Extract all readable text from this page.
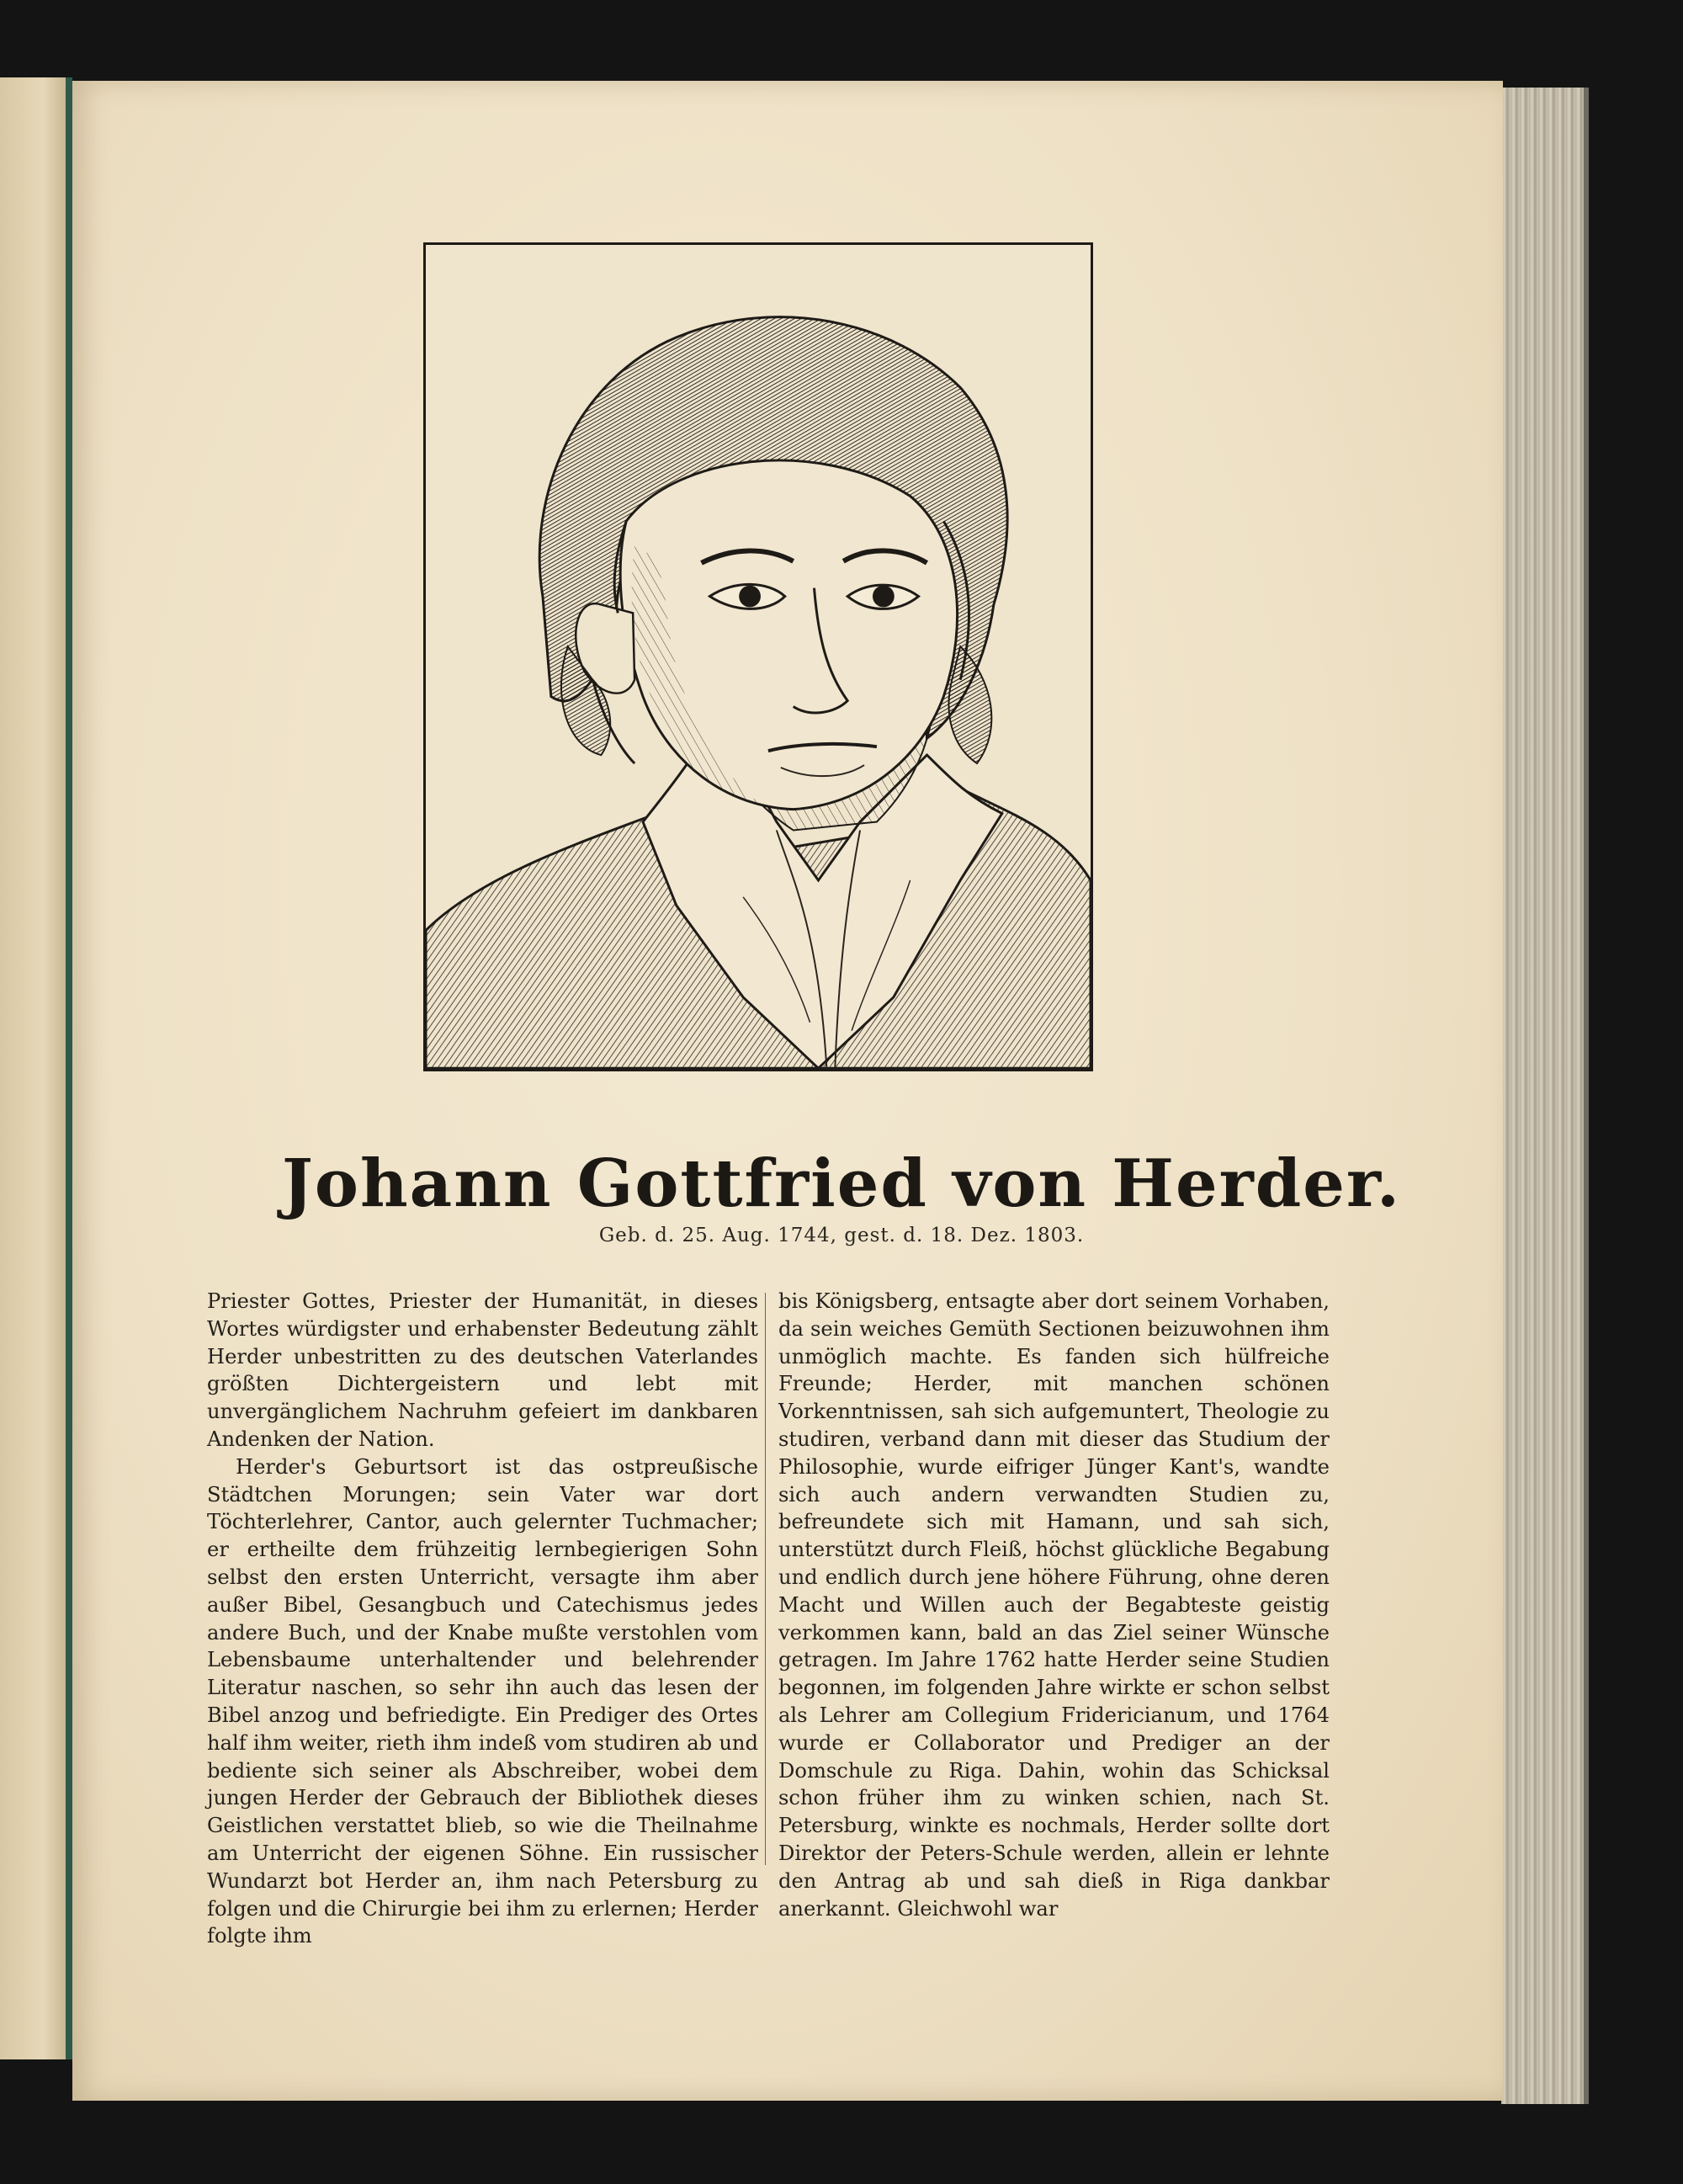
Johann Gottfried von Herder.
Geb. d. 25. Aug. 1744, gest. d. 18. Dez. 1803.

Priester Gottes, Priester der Humanität, in dieses Wortes würdigster und erhabenster Bedeutung zählt Herder unbestritten zu des deutschen Vaterlandes größten Dichtergeistern und lebt mit unvergänglichem Nachruhm gefeiert im dankbaren Andenken der Nation.

Herder's Geburtsort ist das ostpreußische Städtchen Morungen; sein Vater war dort Töchterlehrer, Cantor, auch gelernter Tuchmacher; er ertheilte dem frühzeitig lernbegierigen Sohn selbst den ersten Unterricht, versagte ihm aber außer Bibel, Gesangbuch und Catechismus jedes andere Buch, und der Knabe mußte verstohlen vom Lebensbaume unterhaltender und belehrender Literatur naschen, so sehr ihn auch das lesen der Bibel anzog und befriedigte. Ein Prediger des Ortes half ihm weiter, rieth ihm indeß vom studiren ab und bediente sich seiner als Abschreiber, wobei dem jungen Herder der Gebrauch der Bibliothek dieses Geistlichen verstattet blieb, so wie die Theilnahme am Unterricht der eigenen Söhne. Ein russischer Wundarzt bot Herder an, ihm nach Petersburg zu folgen und die Chirurgie bei ihm zu erlernen; Herder folgte ihm

bis Königsberg, entsagte aber dort seinem Vorhaben, da sein weiches Gemüth Sectionen beizuwohnen ihm unmöglich machte. Es fanden sich hülfreiche Freunde; Herder, mit manchen schönen Vorkenntnissen, sah sich aufgemuntert, Theologie zu studiren, verband dann mit dieser das Studium der Philosophie, wurde eifriger Jünger Kant's, wandte sich auch andern verwandten Studien zu, befreundete sich mit Hamann, und sah sich, unterstützt durch Fleiß, höchst glückliche Begabung und endlich durch jene höhere Führung, ohne deren Macht und Willen auch der Begabteste geistig verkommen kann, bald an das Ziel seiner Wünsche getragen. Im Jahre 1762 hatte Herder seine Studien begonnen, im folgenden Jahre wirkte er schon selbst als Lehrer am Collegium Fridericianum, und 1764 wurde er Collaborator und Prediger an der Domschule zu Riga. Dahin, wohin das Schicksal schon früher ihm zu winken schien, nach St. Petersburg, winkte es nochmals, Herder sollte dort Direktor der Peters-Schule werden, allein er lehnte den Antrag ab und sah dieß in Riga dankbar anerkannt. Gleichwohl war
